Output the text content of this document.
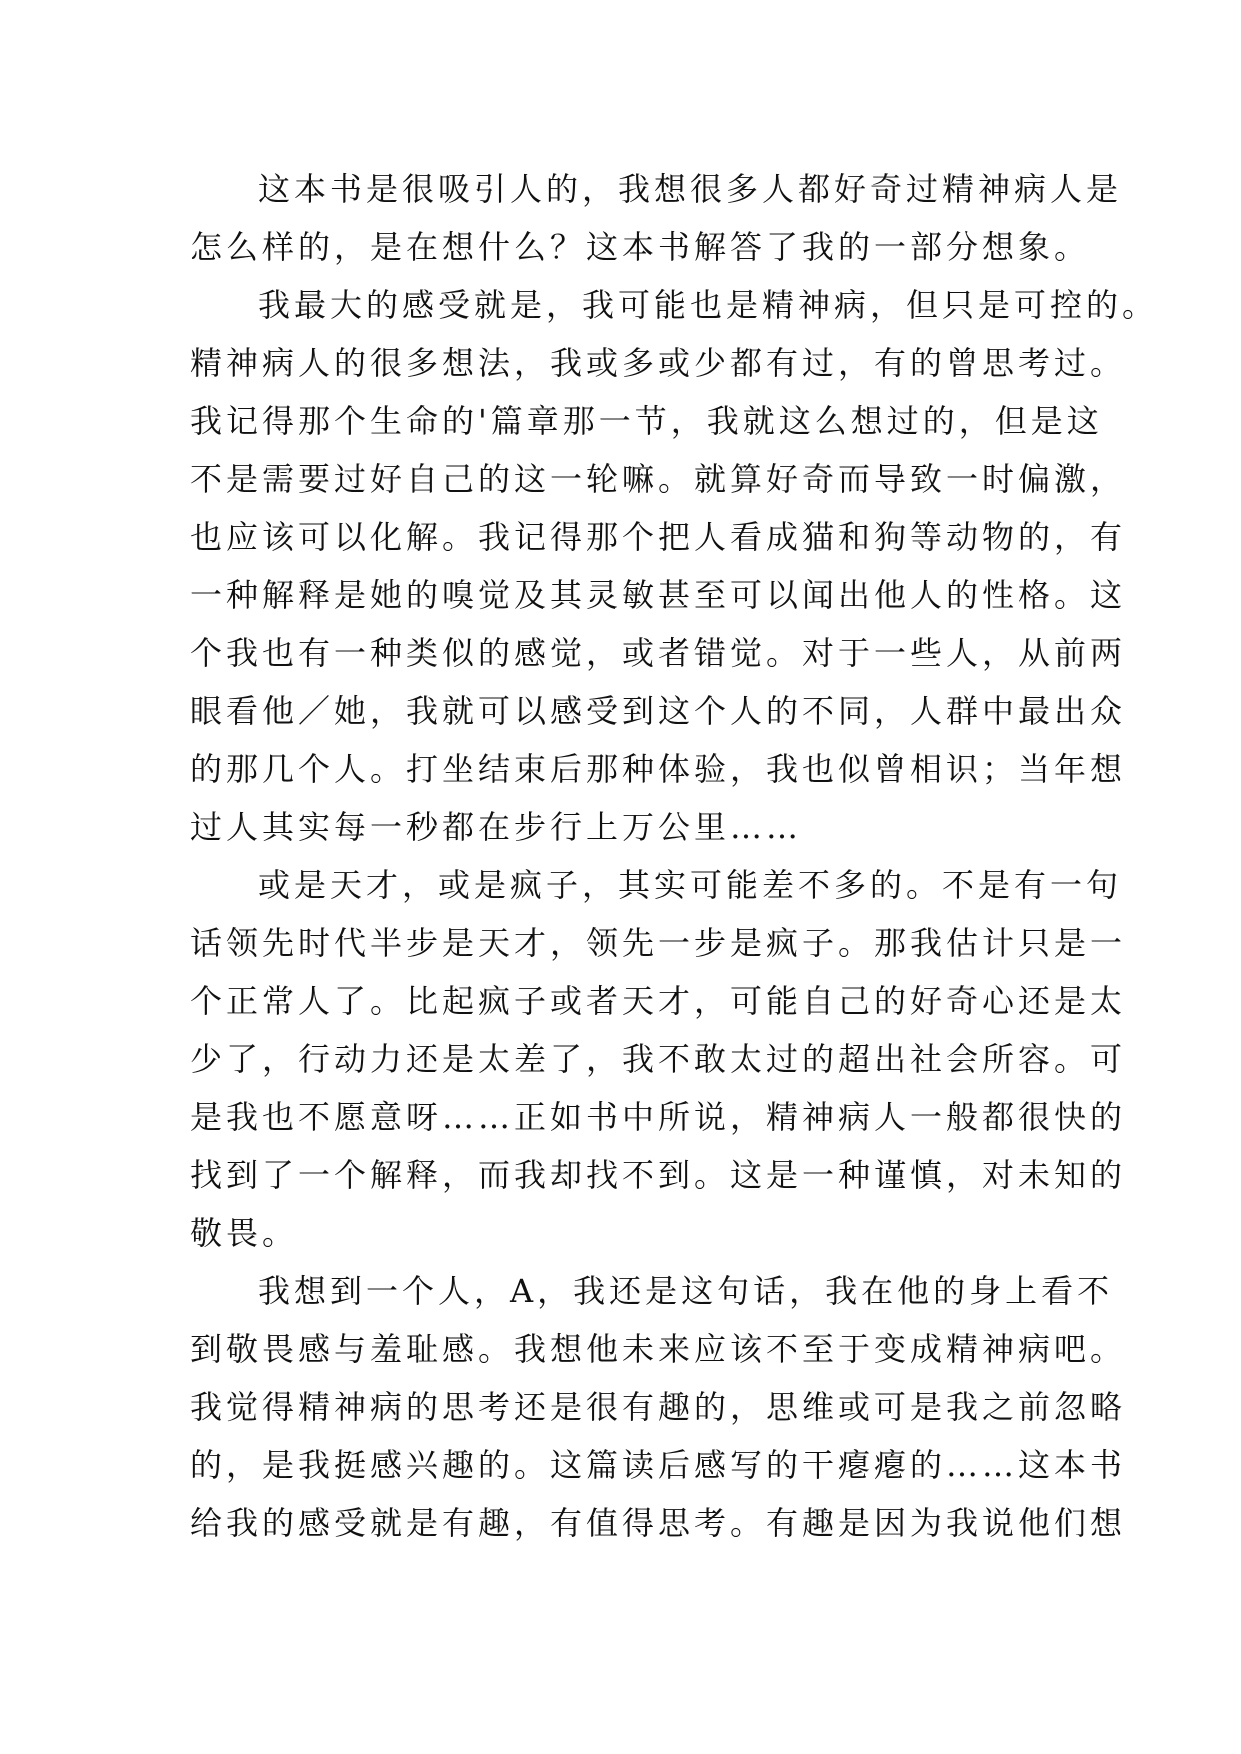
这本书是很吸引人的，我想很多人都好奇过精神病人是
怎么样的，是在想什么？这本书解答了我的一部分想象。
我最大的感受就是，我可能也是精神病，但只是可控的。
精神病人的很多想法，我或多或少都有过，有的曾思考过。
我记得那个生命的'篇章那一节，我就这么想过的，但是这
不是需要过好自己的这一轮嘛。就算好奇而导致一时偏激，
也应该可以化解。我记得那个把人看成猫和狗等动物的，有
一种解释是她的嗅觉及其灵敏甚至可以闻出他人的性格。这
个我也有一种类似的感觉，或者错觉。对于一些人，从前两
眼看他／她，我就可以感受到这个人的不同，人群中最出众
的那几个人。打坐结束后那种体验，我也似曾相识；当年想
过人其实每一秒都在步行上万公里……
或是天才，或是疯子，其实可能差不多的。不是有一句
话领先时代半步是天才，领先一步是疯子。那我估计只是一
个正常人了。比起疯子或者天才，可能自己的好奇心还是太
少了，行动力还是太差了，我不敢太过的超出社会所容。可
是我也不愿意呀……正如书中所说，精神病人一般都很快的
找到了一个解释，而我却找不到。这是一种谨慎，对未知的
敬畏。
我想到一个人，A，我还是这句话，我在他的身上看不
到敬畏感与羞耻感。我想他未来应该不至于变成精神病吧。
我觉得精神病的思考还是很有趣的，思维或可是我之前忽略
的，是我挺感兴趣的。这篇读后感写的干瘪瘪的……这本书
给我的感受就是有趣，有值得思考。有趣是因为我说他们想
